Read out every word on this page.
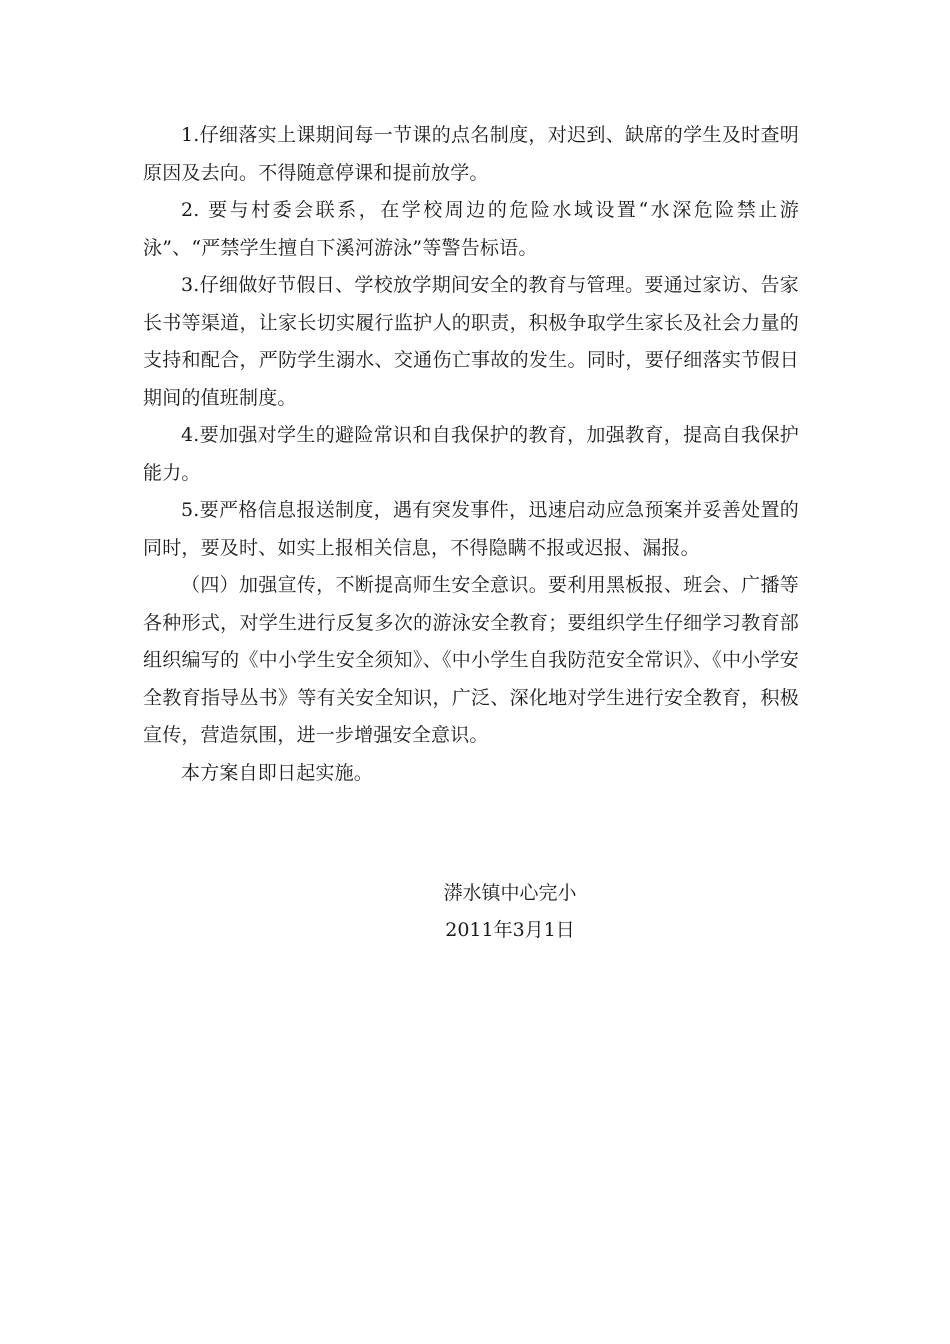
1.仔细落实上课期间每一节课的点名制度，对迟到、缺席的学生及时查明原因及去向。不得随意停课和提前放学。

2. 要与村委会联系，在学校周边的危险水域设置“水深危险禁止游泳”、“严禁学生擅自下溪河游泳”等警告标语。

3.仔细做好节假日、学校放学期间安全的教育与管理。要通过家访、告家长书等渠道，让家长切实履行监护人的职责，积极争取学生家长及社会力量的支持和配合，严防学生溺水、交通伤亡事故的发生。同时，要仔细落实节假日期间的值班制度。

4.要加强对学生的避险常识和自我保护的教育，加强教育，提高自我保护能力。

5.要严格信息报送制度，遇有突发事件，迅速启动应急预案并妥善处置的同时，要及时、如实上报相关信息，不得隐瞒不报或迟报、漏报。

（四）加强宣传，不断提高师生安全意识。要利用黑板报、班会、广播等各种形式，对学生进行反复多次的游泳安全教育；要组织学生仔细学习教育部组织编写的《中小学生安全须知》、《中小学生自我防范安全常识》、《中小学安全教育指导丛书》等有关安全知识，广泛、深化地对学生进行安全教育，积极宣传，营造氛围，进一步增强安全意识。

本方案自即日起实施。

漭水镇中心完小
2011年3月1日
